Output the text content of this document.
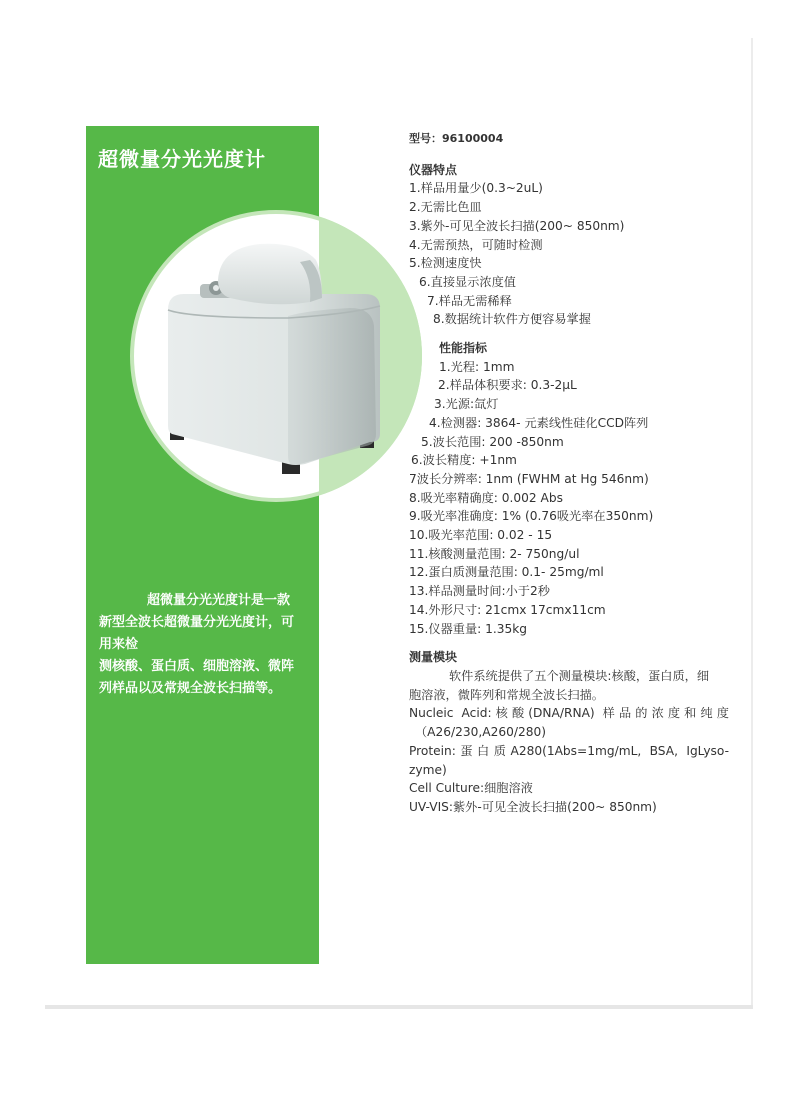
超微量分光光度计
超微量分光光度计是一款
新型全波长超微量分光光度计，可
用来检
测核酸、蛋白质、细胞溶液、微阵
列样品以及常规全波长扫描等。
型号：96100004
仪器特点
1.样品用量少(0.3~2uL)
2.无需比色皿
3.紫外-可见全波长扫描(200~ 850nm)
4.无需预热，可随时检测
5.检测速度快
6.直接显示浓度值
7.样品无需稀释
8.数据统计软件方便容易掌握
性能指标
1.光程: 1mm
2.样品体积要求: 0.3-2μL
3.光源:氙灯
4.检测器: 3864- 元素线性硅化CCD阵列
5.波长范围: 200 -850nm
6.波长精度: +1nm
7波长分辨率: 1nm (FWHM at Hg 546nm)
8.吸光率精确度: 0.002 Abs
9.吸光率准确度: 1% (0.76吸光率在350nm)
10.吸光率范围: 0.02 - 15
11.核酸测量范围: 2- 750ng/ul
12.蛋白质测量范围: 0.1- 25mg/ml
13.样品测量时间:小于2秒
14.外形尺寸: 21cmx 17cmx11cm
15.仪器重量: 1.35kg
测量模块
软件系统提供了五个测量模块:核酸，蛋白质，细
胞溶液，微阵列和常规全波长扫描。
Nucleic Acid:核酸(DNA/RNA) 样品的浓度和纯度
（A26/230,A260/280)
Protein:蛋白质A280(1Abs=1mg/mL, BSA, IgLyso-
zyme)
Cell Culture:细胞溶液
UV-VIS:紫外-可见全波长扫描(200~ 850nm)
